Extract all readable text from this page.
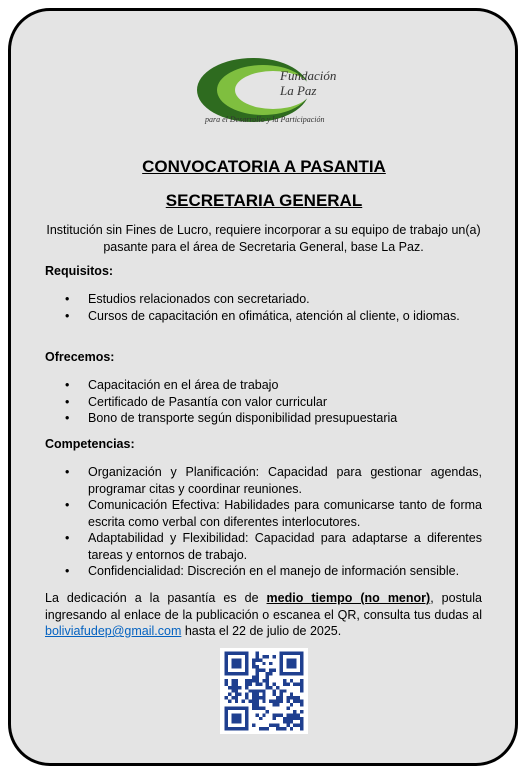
Fundación
La Paz
para el Desarrollo y la Participación
CONVOCATORIA A PASANTIA
SECRETARIA GENERAL

Institución sin Fines de Lucro, requiere incorporar a su equipo de trabajo un(a) pasante para el área de Secretaria General, base La Paz.

Requisitos:

• Estudios relacionados con secretariado.
• Cursos de capacitación en ofimática, atención al cliente, o idiomas.

Ofrecemos:

• Capacitación en el área de trabajo
• Certificado de Pasantía con valor curricular
• Bono de transporte según disponibilidad presupuestaria

Competencias:

• Organización y Planificación: Capacidad para gestionar agendas, programar citas y coordinar reuniones.
• Comunicación Efectiva: Habilidades para comunicarse tanto de forma escrita como verbal con diferentes interlocutores.
• Adaptabilidad y Flexibilidad: Capacidad para adaptarse a diferentes tareas y entornos de trabajo.
• Confidencialidad: Discreción en el manejo de información sensible.

La dedicación a la pasantía es de medio tiempo (no menor), postula ingresando al enlace de la publicación o escanea el QR, consulta tus dudas al boliviafudep@gmail.com hasta el 22 de julio de 2025.
